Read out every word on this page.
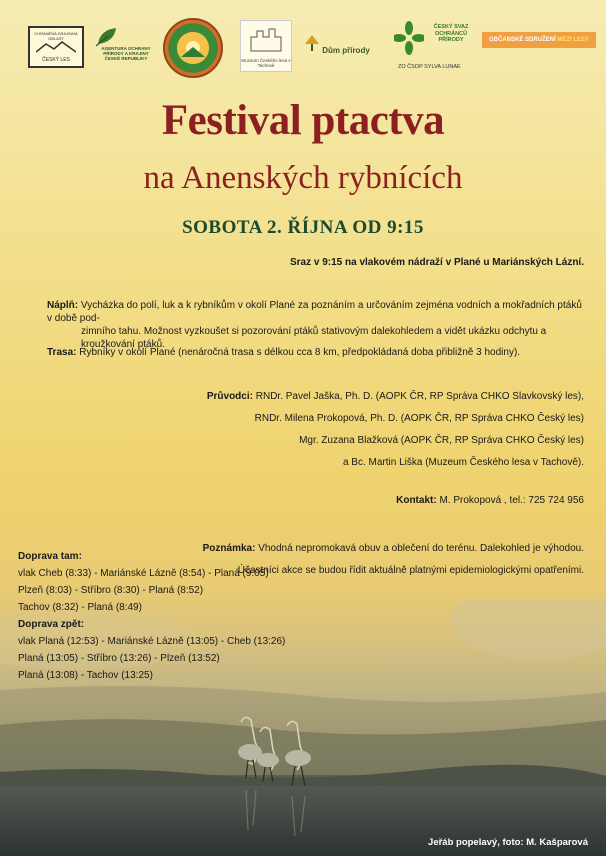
CHRÁNĚNÁ KRAJINNÁ OBLAST
ČESKÝ LES
AGENTURA OCHRANY PŘÍRODY A KRAJINY ČESKÉ REPUBLIKY	Muzeum Českého lesa v Tachově
Dům přírody
ČESKÝ SVAZ OCHRÁNCŮ PŘÍRODY
ZO ČSOP SYLVA LUNAE
OBČANSKÉ SDRUŽENÍ MEZI LESY
Festival ptactva
na Anenských rybnících
SOBOTA 2. ŘÍJNA OD 9:15
Sraz v 9:15 na vlakovém nádraží v Plané u Mariánských Lázní.
Náplň: Vycházka do polí, luk a k rybníkům v okolí Plané za poznáním a určováním zejména vodních a mokřadních ptáků v době pod-
zimního tahu. Možnost vyzkoušet si pozorování ptáků stativovým dalekohledem a vidět ukázku odchytu a kroužkování ptáků.
Trasa: Rybníky v okolí Plané (nenáročná trasa s délkou cca 8 km, předpokládaná doba přibližně 3 hodiny).
Průvodci: RNDr. Pavel Jaška, Ph. D. (AOPK ČR, RP Správa CHKO Slavkovský les),
RNDr. Milena Prokopová, Ph. D. (AOPK ČR, RP Správa CHKO Český les)
Mgr. Zuzana Blažková (AOPK ČR, RP Správa CHKO Český les)
a Bc. Martin Liška (Muzeum Českého lesa v Tachově).
Kontakt: M. Prokopová , tel.: 725 724 956
Poznámka: Vhodná nepromokavá obuv a oblečení do terénu. Dalekohled je výhodou.
Účastníci akce se budou řídit aktuálně platnými epidemiologickými opatřeními.
Doprava tam:
vlak Cheb (8:33) - Mariánské Lázně (8:54) - Planá (9:05)
Plzeň (8:03) - Stříbro (8:30) - Planá (8:52)
Tachov (8:32) - Planá (8:49)
Doprava zpět:
vlak Planá (12:53) - Mariánské Lázně (13:05) - Cheb (13:26)
Planá (13:05) - Stříbro (13:26) - Plzeň (13:52)
Planá (13:08) - Tachov (13:25)
Jeřáb popelavý, foto: M. Kašparová
